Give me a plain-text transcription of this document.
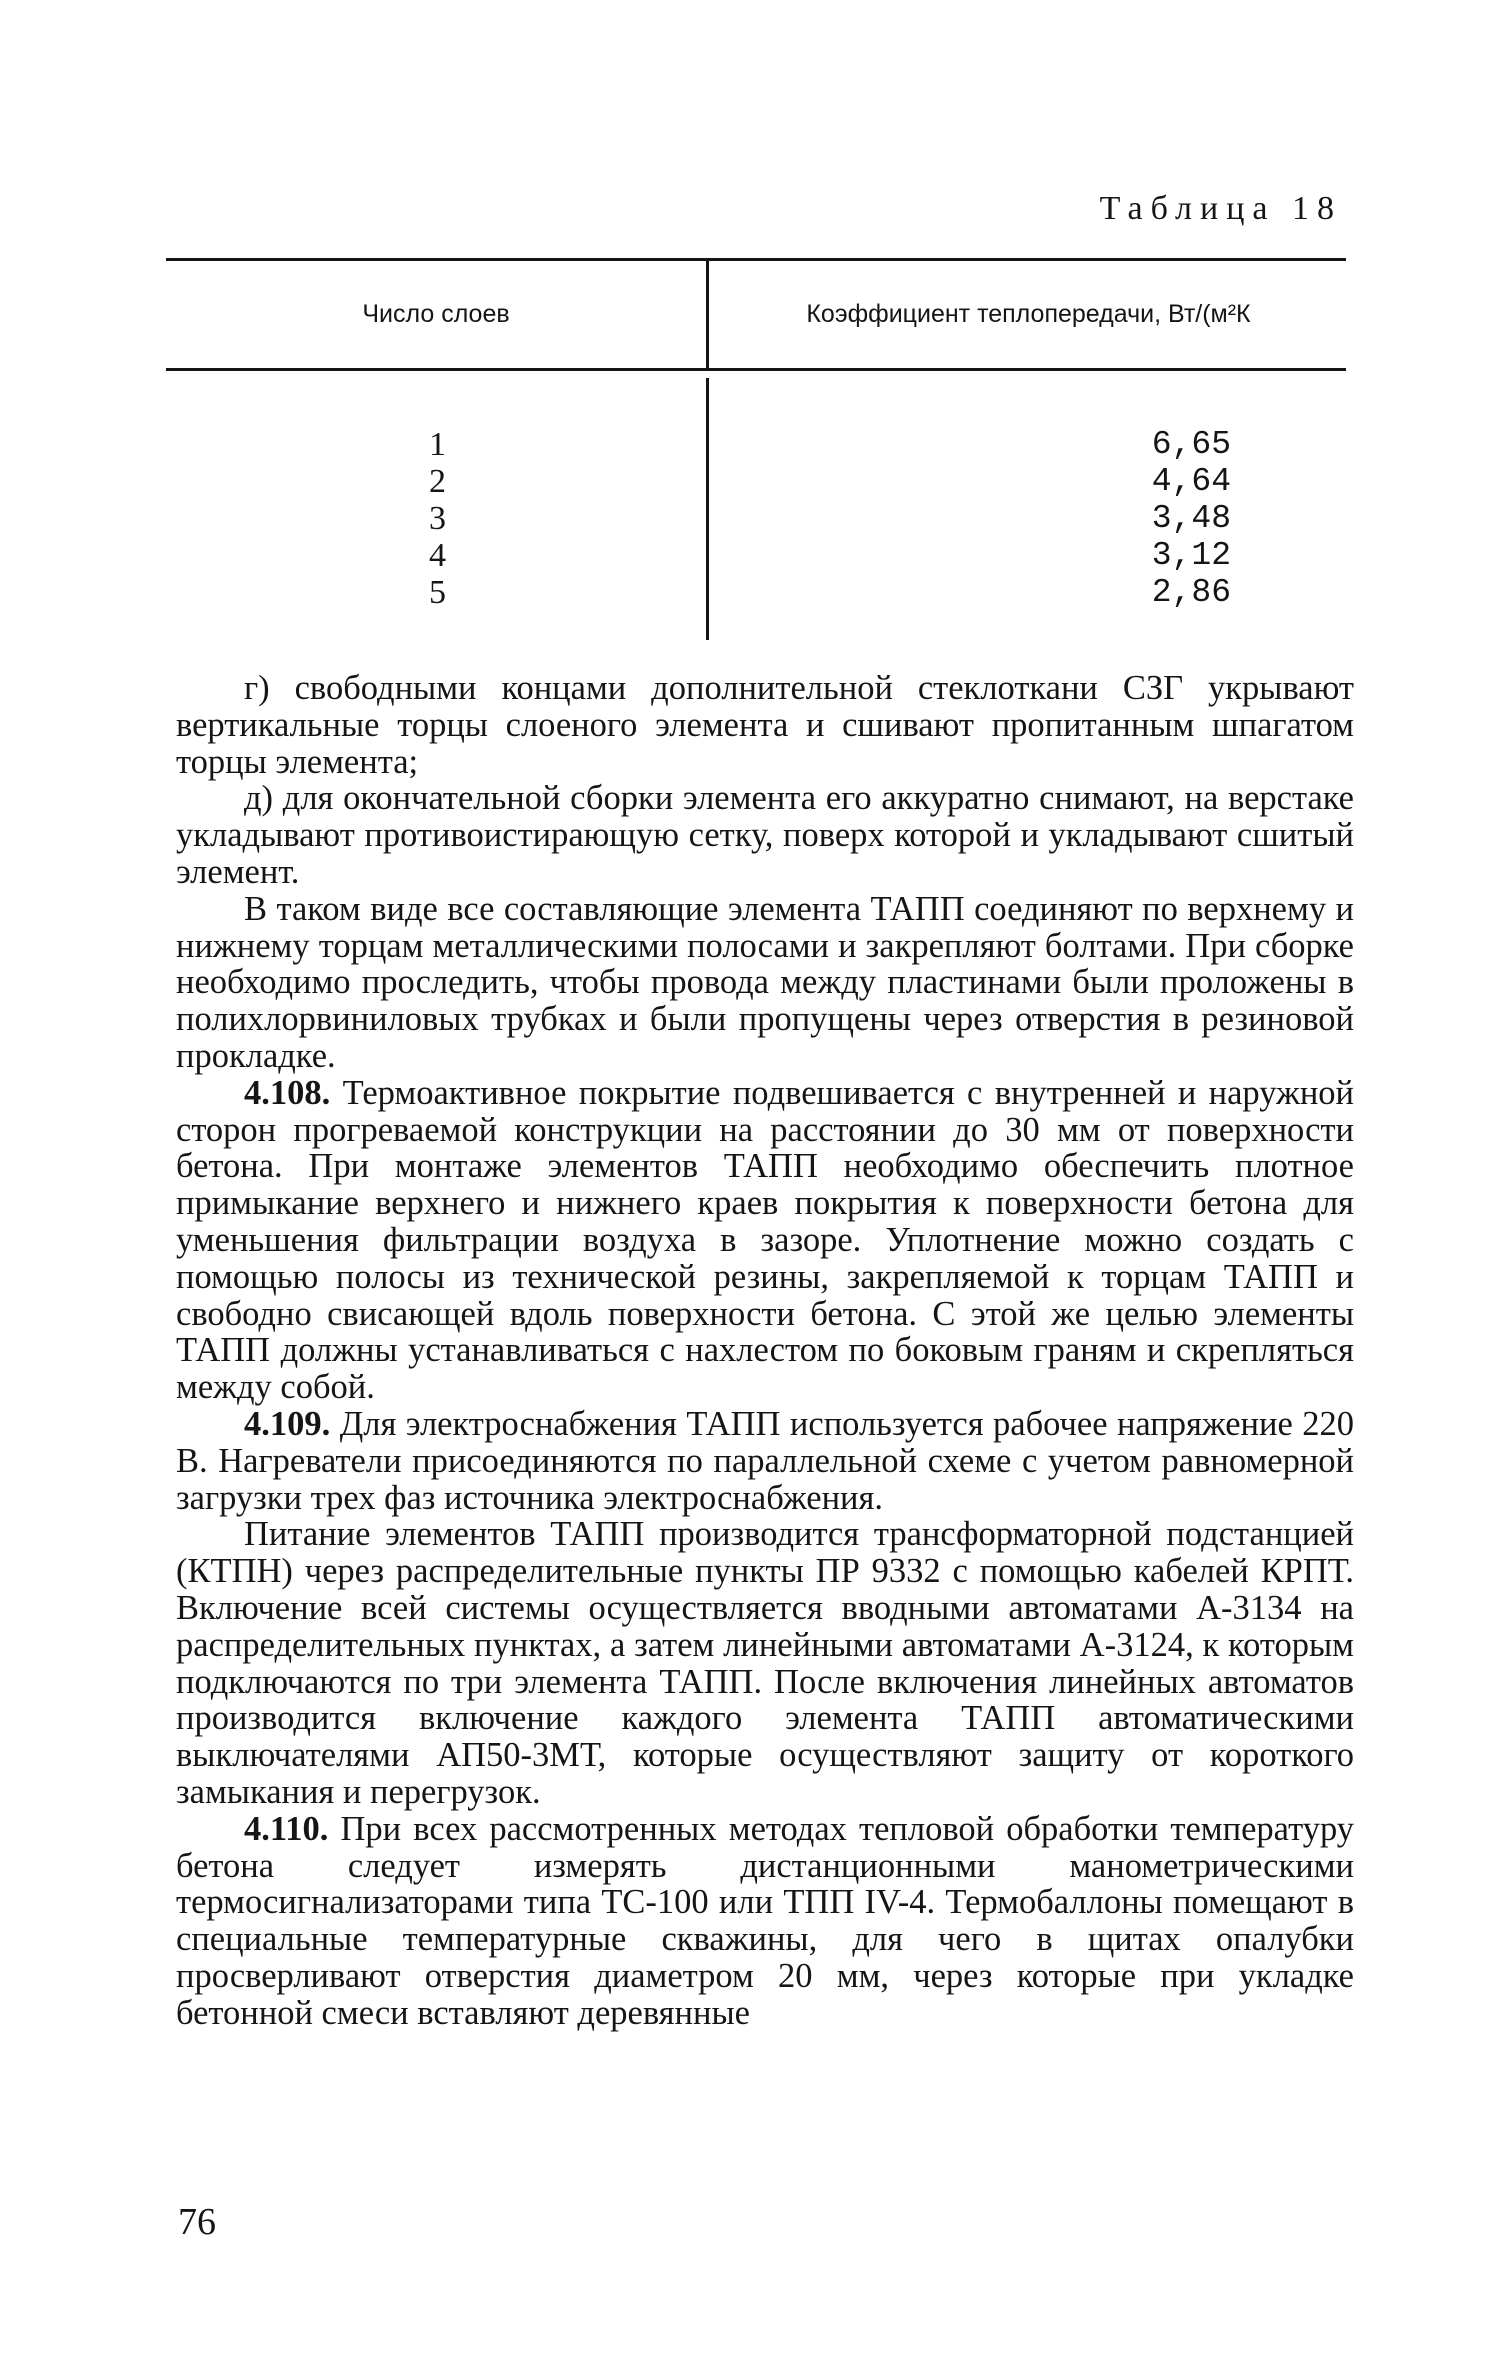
Таблица 18
Число слоев	Коэффициент теплопередачи, Вт/(м²К
1
2
3
4
5
6,65
4,64
3,48
3,12
2,86

г) свободными концами дополнительной стеклоткани СЗГ укрывают вертикальные торцы слоеного элемента и сшивают пропитанным шпагатом торцы элемента;

д) для окончательной сборки элемента его аккуратно снимают, на верстаке укладывают противоистирающую сетку, поверх которой и укладывают сшитый элемент.

В таком виде все составляющие элемента ТАПП соединяют по верхнему и нижнему торцам металлическими полосами и закрепляют болтами. При сборке необходимо проследить, чтобы провода между пластинами были проложены в полихлорвиниловых трубках и были пропущены через отверстия в резиновой прокладке.

4.108. Термоактивное покрытие подвешивается с внутренней и наружной сторон прогреваемой конструкции на расстоянии до 30 мм от поверхности бетона. При монтаже элементов ТАПП необходимо обеспечить плотное примыкание верхнего и нижнего краев покрытия к поверхности бетона для уменьшения фильтрации воздуха в зазоре. Уплотнение можно создать с помощью полосы из технической резины, закрепляемой к торцам ТАПП и свободно свисающей вдоль поверхности бетона. С этой же целью элементы ТАПП должны устанавливаться с нахлестом по боковым граням и скрепляться между собой.

4.109. Для электроснабжения ТАПП используется рабочее напряжение 220 В. Нагреватели присоединяются по параллельной схеме с учетом равномерной загрузки трех фаз источника электроснабжения.

Питание элементов ТАПП производится трансформаторной подстанцией (КТПН) через распределительные пункты ПР 9332 с помощью кабелей КРПТ. Включение всей системы осуществляется вводными автоматами А-3134 на распределительных пунктах, а затем линейными автоматами А-3124, к которым подключаются по три элемента ТАПП. После включения линейных автоматов производится включение каждого элемента ТАПП автоматическими выключателями АП50-3МТ, которые осуществляют защиту от короткого замыкания и перегрузок.

4.110. При всех рассмотренных методах тепловой обработки температуру бетона следует измерять дистанционными манометрическими термосигнализаторами типа ТС-100 или ТПП IV-4. Термобаллоны помещают в специальные температурные скважины, для чего в щитах опалубки просверливают отверстия диаметром 20 мм, через которые при укладке бетонной смеси вставляют деревянные

76
